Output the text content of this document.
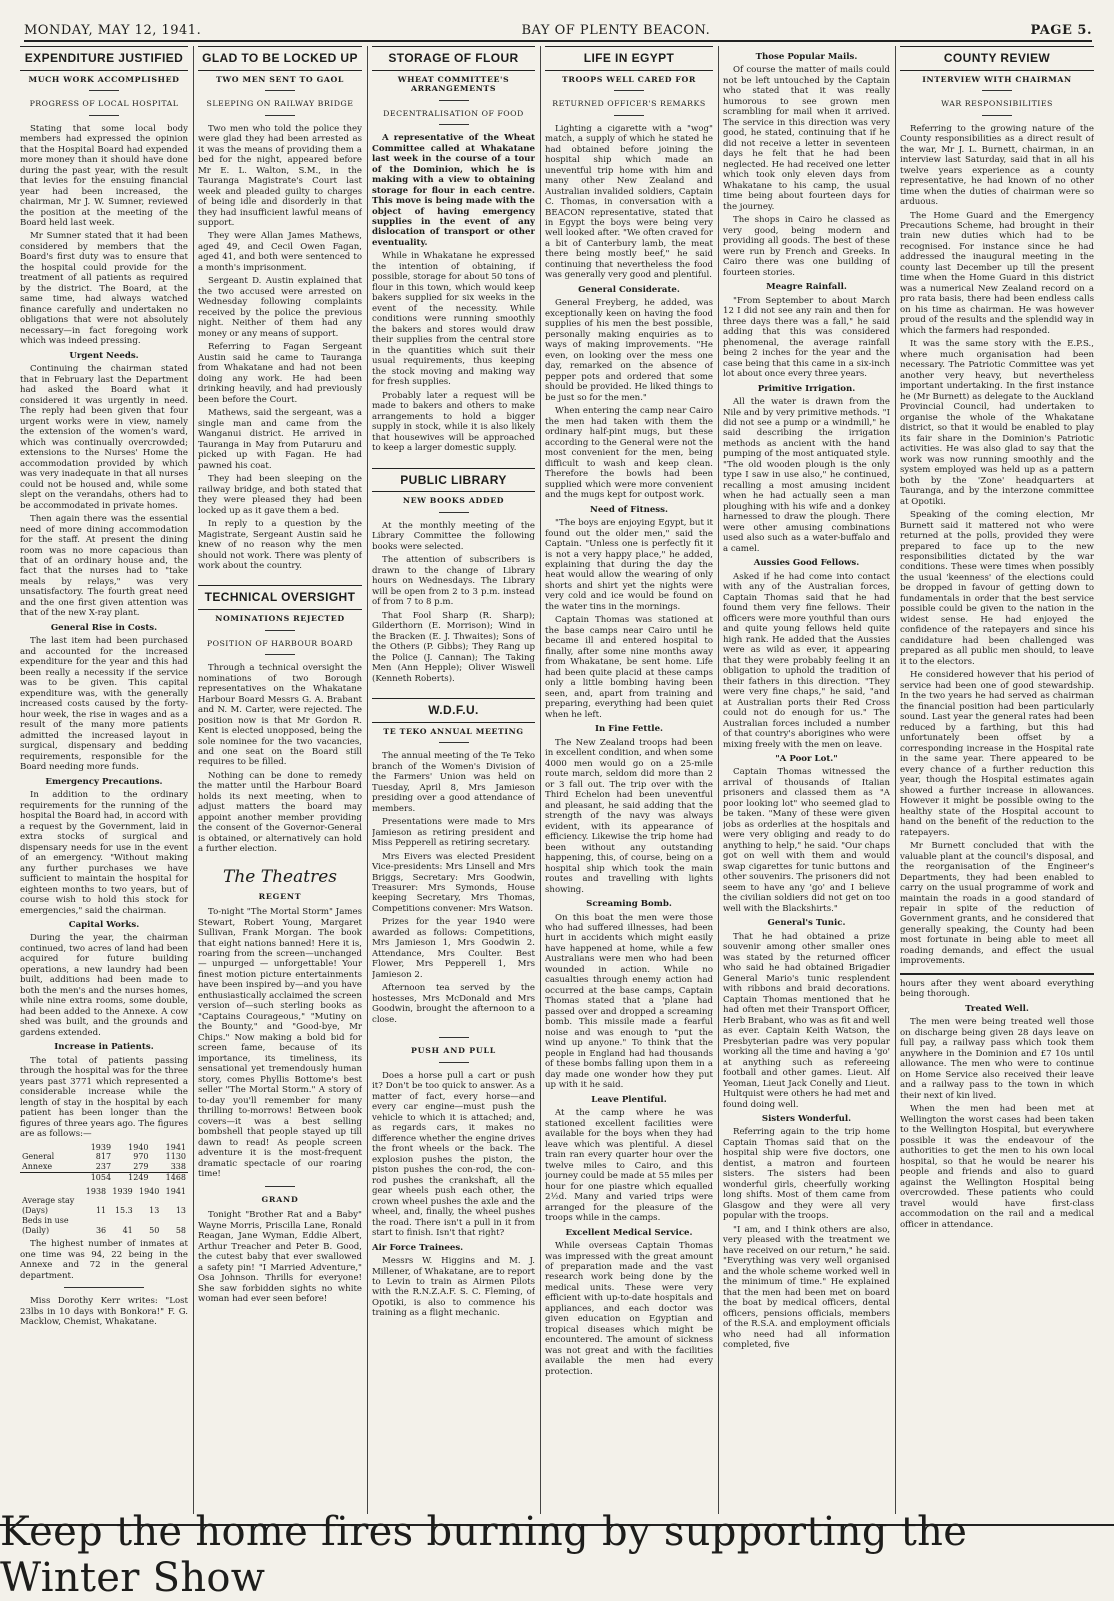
MONDAY, MAY 12, 1941.	BAY OF PLENTY BEACON.	PAGE 5.
EXPENDITURE JUSTIFIED
MUCH WORK ACCOMPLISHED
PROGRESS OF LOCAL HOSPITAL

Stating that some local body members had expressed the opinion that the Hospital Board had expended more money than it should have done during the past year, with the result that levies for the ensuing financial year had been increased, the chairman, Mr J. W. Sumner, reviewed the position at the meeting of the Board held last week.

Mr Sumner stated that it had been considered by members that the Board's first duty was to ensure that the hospital could provide for the treatment of all patients as required by the district. The Board, at the same time, had always watched finance carefully and undertaken no obligations that were not absolutely necessary—in fact foregoing work which was indeed pressing.

Urgent Needs.

Continuing the chairman stated that in February last the Department had asked the Board what it considered it was urgently in need. The reply had been given that four urgent works were in view, namely the extension of the women's ward, which was continually overcrowded; extensions to the Nurses' Home the accommodation provided by which was very inadequate in that all nurses could not be housed and, while some slept on the verandahs, others had to be accommodated in private homes.

Then again there was the essential need of more dining accommodation for the staff. At present the dining room was no more capacious than that of an ordinary house and, the fact that the nurses had to "take meals by relays," was very unsatisfactory. The fourth great need and the one first given attention was that of the new X-ray plant.

General Rise in Costs.

The last item had been purchased and accounted for the increased expenditure for the year and this had been really a necessity if the service was to be given. This capital expenditure was, with the generally increased costs caused by the forty-hour week, the rise in wages and as a result of the many more patients admitted the increased layout in surgical, dispensary and bedding requirements, responsible for the Board needing more funds.

Emergency Precautions.

In addition to the ordinary requirements for the running of the hospital the Board had, in accord with a request by the Government, laid in extra stocks of surgical and dispensary needs for use in the event of an emergency. "Without making any further purchases we have sufficient to maintain the hospital for eighteen months to two years, but of course wish to hold this stock for emergencies," said the chairman.

Capital Works.

During the year, the chairman continued, two acres of land had been acquired for future building operations, a new laundry had been built, additions had been made to both the men's and the nurses homes, while nine extra rooms, some double, had been added to the Annexe. A cow shed was built, and the grounds and gardens extended.

Increase in Patients.

The total of patients passing through the hospital was for the three years past 3771 which represented a considerable increase while the length of stay in the hospital by each patient has been longer than the figures of three years ago. The figures are as follows:—

	1939	1940	1941
General	817	970	1130
Annexe	237	279	338
	1054	1249	1468
	1938	1939	1940	1941
Average stay				
(Days)	11	15.3	13	13
Beds in use				
(Daily)	36	41	50	58

The highest number of inmates at one time was 94, 22 being in the Annexe and 72 in the general department.

Miss Dorothy Kerr writes: "Lost 23lbs in 10 days with Bonkora!" F. G. Macklow, Chemist, Whakatane.

GLAD TO BE LOCKED UP
TWO MEN SENT TO GAOL
SLEEPING ON RAILWAY BRIDGE

Two men who told the police they were glad they had been arrested as it was the means of providing them a bed for the night, appeared before Mr E. L. Walton, S.M., in the Tauranga Magistrate's Court last week and pleaded guilty to charges of being idle and disorderly in that they had insufficient lawful means of support.

They were Allan James Mathews, aged 49, and Cecil Owen Fagan, aged 41, and both were sentenced to a month's imprisonment.

Sergeant D. Austin explained that the two accused were arrested on Wednesday following complaints received by the police the previous night. Neither of them had any money or any means of support.

Referring to Fagan Sergeant Austin said he came to Tauranga from Whakatane and had not been doing any work. He had been drinking heavily, and had previously been before the Court.

Mathews, said the sergeant, was a single man and came from the Wanganui district. He arrived in Tauranga in May from Putaruru and picked up with Fagan. He had pawned his coat.

They had been sleeping on the railway bridge, and both stated that they were pleased they had been locked up as it gave them a bed.

In reply to a question by the Magistrate, Sergeant Austin said he knew of no reason why the men should not work. There was plenty of work about the country.

TECHNICAL OVERSIGHT
NOMINATIONS REJECTED
POSITION OF HARBOUR BOARD

Through a technical oversight the nominations of two Borough representatives on the Whakatane Harbour Board Messrs G. A. Brabant and N. M. Carter, were rejected. The position now is that Mr Gordon R. Kent is elected unopposed, being the sole nominee for the two vacancies, and one seat on the Board still requires to be filled.

Nothing can be done to remedy the matter until the Harbour Board holds its next meeting, when to adjust matters the board may appoint another member providing the consent of the Governor-General is obtained, or alternatively can hold a further election.

The Theatres
REGENT

To-night "The Mortal Storm" James Stewart, Robert Young, Margaret Sullivan, Frank Morgan. The book that eight nations banned! Here it is, roaring from the screen—unchanged — unpurged — unforgettable! Your finest motion picture entertainments have been inspired by—and you have enthusiastically acclaimed the screen version of—such sterling books as "Captains Courageous," "Mutiny on the Bounty," and "Good-bye, Mr Chips." Now making a bold bid for screen fame, because of its importance, its timeliness, its sensational yet tremendously human story, comes Phyllis Bottome's best seller "The Mortal Storm." A story of to-day you'll remember for many thrilling to-morrows! Between book covers—it was a best selling bombshell that people stayed up till dawn to read! As people screen adventure it is the most-frequent dramatic spectacle of our roaring time!

GRAND

Tonight "Brother Rat and a Baby" Wayne Morris, Priscilla Lane, Ronald Reagan, Jane Wyman, Eddie Albert, Arthur Treacher and Peter B. Good, the cutest baby that ever swallowed a safety pin! "I Married Adventure," Osa Johnson. Thrills for everyone! She saw forbidden sights no white woman had ever seen before!

STORAGE OF FLOUR
WHEAT COMMITTEE'S ARRANGEMENTS
DECENTRALISATION OF FOOD

A representative of the Wheat Committee called at Whakatane last week in the course of a tour of the Dominion, which he is making with a view to obtaining storage for flour in each centre. This move is being made with the object of having emergency supplies in the event of any dislocation of transport or other eventuality.

While in Whakatane he expressed the intention of obtaining, if possible, storage for about 50 tons of flour in this town, which would keep bakers supplied for six weeks in the event of the necessity. While conditions were running smoothly the bakers and stores would draw their supplies from the central store in the quantities which suit their usual requirements, thus keeping the stock moving and making way for fresh supplies.

Probably later a request will be made to bakers and others to make arrangements to hold a bigger supply in stock, while it is also likely that housewives will be approached to keep a larger domestic supply.

PUBLIC LIBRARY
NEW BOOKS ADDED

At the monthly meeting of the Library Committee the following books were selected.

The attention of subscribers is drawn to the change of Library hours on Wednesdays. The Library will be open from 2 to 3 p.m. instead of from 7 to 8 p.m.

That Fool Sharp (R. Sharp); Gilderthorn (E. Morrison); Wind in the Bracken (E. J. Thwaites); Sons of the Others (P. Gibbs); They Rang up the Police (J. Cannan); The Taking Men (Ann Hepple); Oliver Wiswell (Kenneth Roberts).

W.D.F.U.
TE TEKO ANNUAL MEETING

The annual meeting of the Te Teko branch of the Women's Division of the Farmers' Union was held on Tuesday, April 8, Mrs Jamieson presiding over a good attendance of members.

Presentations were made to Mrs Jamieson as retiring president and Miss Pepperell as retiring secretary.

Mrs Eivers was elected President Vice-presidents: Mrs Linsell and Mrs Briggs, Secretary: Mrs Goodwin, Treasurer: Mrs Symonds, House keeping Secretary, Mrs Thomas, Competitions convener: Mrs Watson.

Prizes for the year 1940 were awarded as follows: Competitions, Mrs Jamieson 1, Mrs Goodwin 2. Attendance, Mrs Coulter. Best Flower, Mrs Pepperell 1, Mrs Jamieson 2.

Afternoon tea served by the hostesses, Mrs McDonald and Mrs Goodwin, brought the afternoon to a close.

PUSH AND PULL

Does a horse pull a cart or push it? Don't be too quick to answer. As a matter of fact, every horse—and every car engine—must push the vehicle to which it is attached; and, as regards cars, it makes no difference whether the engine drives the front wheels or the back. The explosion pushes the piston, the piston pushes the con-rod, the con-rod pushes the crankshaft, all the gear wheels push each other, the crown wheel pushes the axle and the wheel, and, finally, the wheel pushes the road. There isn't a pull in it from start to finish. Isn't that right?

Air Force Trainees.

Messrs W. Higgins and M. J. Millener, of Whakatane, are to report to Levin to train as Airmen Pilots with the R.N.Z.A.F. S. C. Fleming, of Opotiki, is also to commence his training as a flight mechanic.

LIFE IN EGYPT
TROOPS WELL CARED FOR
RETURNED OFFICER'S REMARKS

Lighting a cigarette with a "wog" match, a supply of which he stated he had obtained before joining the hospital ship which made an uneventful trip home with him and many other New Zealand and Australian invalided soldiers, Captain C. Thomas, in conversation with a BEACON representative, stated that in Egypt the boys were being very well looked after. "We often craved for a bit of Canterbury lamb, the meat there being mostly beef," he said continuing that nevertheless the food was generally very good and plentiful.

General Considerate.

General Freyberg, he added, was exceptionally keen on having the food supplies of his men the best possible, personally making enquiries as to ways of making improvements. "He even, on looking over the mess one day, remarked on the absence of pepper pots and ordered that some should be provided. He liked things to be just so for the men."

When entering the camp near Cairo the men had taken with them the ordinary half-pint mugs, but these according to the General were not the most convenient for the men, being difficult to wash and keep clean. Therefore the bowls had been supplied which were more convenient and the mugs kept for outpost work.

Need of Fitness.

"The boys are enjoying Egypt, but it found out the older men," said the Captain. "Unless one is perfectly fit it is not a very happy place," he added, explaining that during the day the heat would allow the wearing of only shorts and shirt yet the nights were very cold and ice would be found on the water tins in the mornings.

Captain Thomas was stationed at the base camps near Cairo until he became ill and entered hospital to finally, after some nine months away from Whakatane, be sent home. Life had been quite placid at these camps only a little bombing having been seen, and, apart from training and preparing, everything had been quiet when he left.

In Fine Fettle.

The New Zealand troops had been in excellent condition, and when some 4000 men would go on a 25-mile route march, seldom did more than 2 or 3 fall out. The trip over with the Third Echelon had been uneventful and pleasant, he said adding that the strength of the navy was always evident, with its appearance of efficiency. Likewise the trip home had been without any outstanding happening, this, of course, being on a hospital ship which took the main routes and travelling with lights showing.

Screaming Bomb.

On this boat the men were those who had suffered illnesses, had been hurt in accidents which might easily have happened at home, while a few Australians were men who had been wounded in action. While no casualties through enemy action had occurred at the base camps, Captain Thomas stated that a 'plane had passed over and dropped a screaming bomb. This missile made a fearful noise and was enough to "put the wind up anyone." To think that the people in England had had thousands of these bombs falling upon them in a day made one wonder how they put up with it he said.

Leave Plentiful.

At the camp where he was stationed excellent facilities were available for the boys when they had leave which was plentiful. A diesel train ran every quarter hour over the twelve miles to Cairo, and this journey could be made at 55 miles per hour for one piastre which equalled 2½d. Many and varied trips were arranged for the pleasure of the troops while in the camps.

Excellent Medical Service.

While overseas Captain Thomas was impressed with the great amount of preparation made and the vast research work being done by the medical units. These were very efficient with up-to-date hospitals and appliances, and each doctor was given education on Egyptian and tropical diseases which might be encountered. The amount of sickness was not great and with the facilities available the men had every protection.

Those Popular Mails.

Of course the matter of mails could not be left untouched by the Captain who stated that it was really humorous to see grown men scrambling for mail when it arrived. The service in this direction was very good, he stated, continuing that if he did not receive a letter in seventeen days he felt that he had been neglected. He had received one letter which took only eleven days from Whakatane to his camp, the usual time being about fourteen days for the journey.

The shops in Cairo he classed as very good, being modern and providing all goods. The best of these were run by French and Greeks. In Cairo there was one building of fourteen stories.

Meagre Rainfall.

"From September to about March 12 I did not see any rain and then for three days there was a fall," he said adding that this was considered phenomenal, the average rainfall being 2 inches for the year and the case being that this came in a six-inch lot about once every three years.

Primitive Irrigation.

All the water is drawn from the Nile and by very primitive methods. "I did not see a pump or a windmill," he said describing the irrigation methods as ancient with the hand pumping of the most antiquated style. "The old wooden plough is the only type I saw in use also," he continued, recalling a most amusing incident when he had actually seen a man ploughing with his wife and a donkey harnessed to draw the plough. There were other amusing combinations used also such as a water-buffalo and a camel.

Aussies Good Fellows.

Asked if he had come into contact with any of the Australian forces, Captain Thomas said that he had found them very fine fellows. Their officers were more youthful than ours and quite young fellows held quite high rank. He added that the Aussies were as wild as ever, it appearing that they were probably feeling it an obligation to uphold the tradition of their fathers in this direction. "They were very fine chaps," he said, "and at Australian ports their Red Cross could not do enough for us." The Australian forces included a number of that country's aborigines who were mixing freely with the men on leave.

"A Poor Lot."

Captain Thomas witnessed the arrival of thousands of Italian prisoners and classed them as "A poor looking lot" who seemed glad to be taken. "Many of these were given jobs as orderlies at the hospitals and were very obliging and ready to do anything to help," he said. "Our chaps got on well with them and would swap cigarettes for tunic buttons and other souvenirs. The prisoners did not seem to have any 'go' and I believe the civilian soldiers did not get on too well with the Blackshirts."

General's Tunic.

That he had obtained a prize souvenir among other smaller ones was stated by the returned officer who said he had obtained Brigadier General Mario's tunic resplendent with ribbons and braid decorations. Captain Thomas mentioned that he had often met their Transport Officer, Herb Brabant, who was as fit and well as ever. Captain Keith Watson, the Presbyterian padre was very popular working all the time and having a 'go' at anything such as refereeing football and other games. Lieut. Alf Yeoman, Lieut Jack Conelly and Lieut. Hultquist were others he had met and found doing well.

Sisters Wonderful.

Referring again to the trip home Captain Thomas said that on the hospital ship were five doctors, one dentist, a matron and fourteen sisters. The sisters had been wonderful girls, cheerfully working long shifts. Most of them came from Glasgow and they were all very popular with the troops.

"I am, and I think others are also, very pleased with the treatment we have received on our return," he said. "Everything was very well organised and the whole scheme worked well in the minimum of time." He explained that the men had been met on board the boat by medical officers, dental officers, pensions officials, members of the R.S.A. and employment officials who need had all information completed, five

COUNTY REVIEW
INTERVIEW WITH CHAIRMAN
WAR RESPONSIBILITIES

Referring to the growing nature of the County responsibilities as a direct result of the war, Mr J. L. Burnett, chairman, in an interview last Saturday, said that in all his twelve years experience as a county representative, he had known of no other time when the duties of chairman were so arduous.

The Home Guard and the Emergency Precautions Scheme, had brought in their train new duties which had to be recognised. For instance since he had addressed the inaugural meeting in the county last December up till the present time when the Home Guard in this district was a numerical New Zealand record on a pro rata basis, there had been endless calls on his time as chairman. He was however proud of the results and the splendid way in which the farmers had responded.

It was the same story with the E.P.S., where much organisation had been necessary. The Patriotic Committee was yet another very heavy, but nevertheless important undertaking. In the first instance he (Mr Burnett) as delegate to the Auckland Provincial Council, had undertaken to organise the whole of the Whakatane district, so that it would be enabled to play its fair share in the Dominion's Patriotic activities. He was also glad to say that the work was now running smoothly and the system employed was held up as a pattern both by the 'Zone' headquarters at Tauranga, and by the interzone committee at Opotiki.

Speaking of the coming election, Mr Burnett said it mattered not who were returned at the polls, provided they were prepared to face up to the new responsibilities dictated by the war conditions. These were times when possibly the usual 'keenness' of the elections could be dropped in favour of getting down to fundamentals in order that the best service possible could be given to the nation in the widest sense. He had enjoyed the confidence of the ratepayers and since his candidature had been challenged was prepared as all public men should, to leave it to the electors.

He considered however that his period of service had been one of good stewardship. In the two years he had served as chairman the financial position had been particularly sound. Last year the general rates had been reduced by a farthing, but this had unfortunately been offset by a corresponding increase in the Hospital rate in the same year. There appeared to be every chance of a further reduction this year, though the Hospital estimates again showed a further increase in allowances. However it might be possible owing to the healthy state of the Hospital account to hand on the benefit of the reduction to the ratepayers.

Mr Burnett concluded that with the valuable plant at the council's disposal, and the reorganisation of the Engineer's Departments, they had been enabled to carry on the usual programme of work and maintain the roads in a good standard of repair in spite of the reduction of Government grants, and he considered that generally speaking, the County had been most fortunate in being able to meet all roading demands, and effect the usual improvements.

hours after they went aboard everything being thorough.

Treated Well.

The men were being treated well those on discharge being given 28 days leave on full pay, a railway pass which took them anywhere in the Dominion and £7 10s until allowance. The men who were to continue on Home Service also received their leave and a railway pass to the town in which their next of kin lived.

When the men had been met at Wellington the worst cases had been taken to the Wellington Hospital, but everywhere possible it was the endeavour of the authorities to get the men to his own local hospital, so that he would be nearer his people and friends and also to guard against the Wellington Hospital being overcrowded. These patients who could travel would have first-class accommodation on the rail and a medical officer in attendance.

Keep the home fires burning by supporting the Winter Show
